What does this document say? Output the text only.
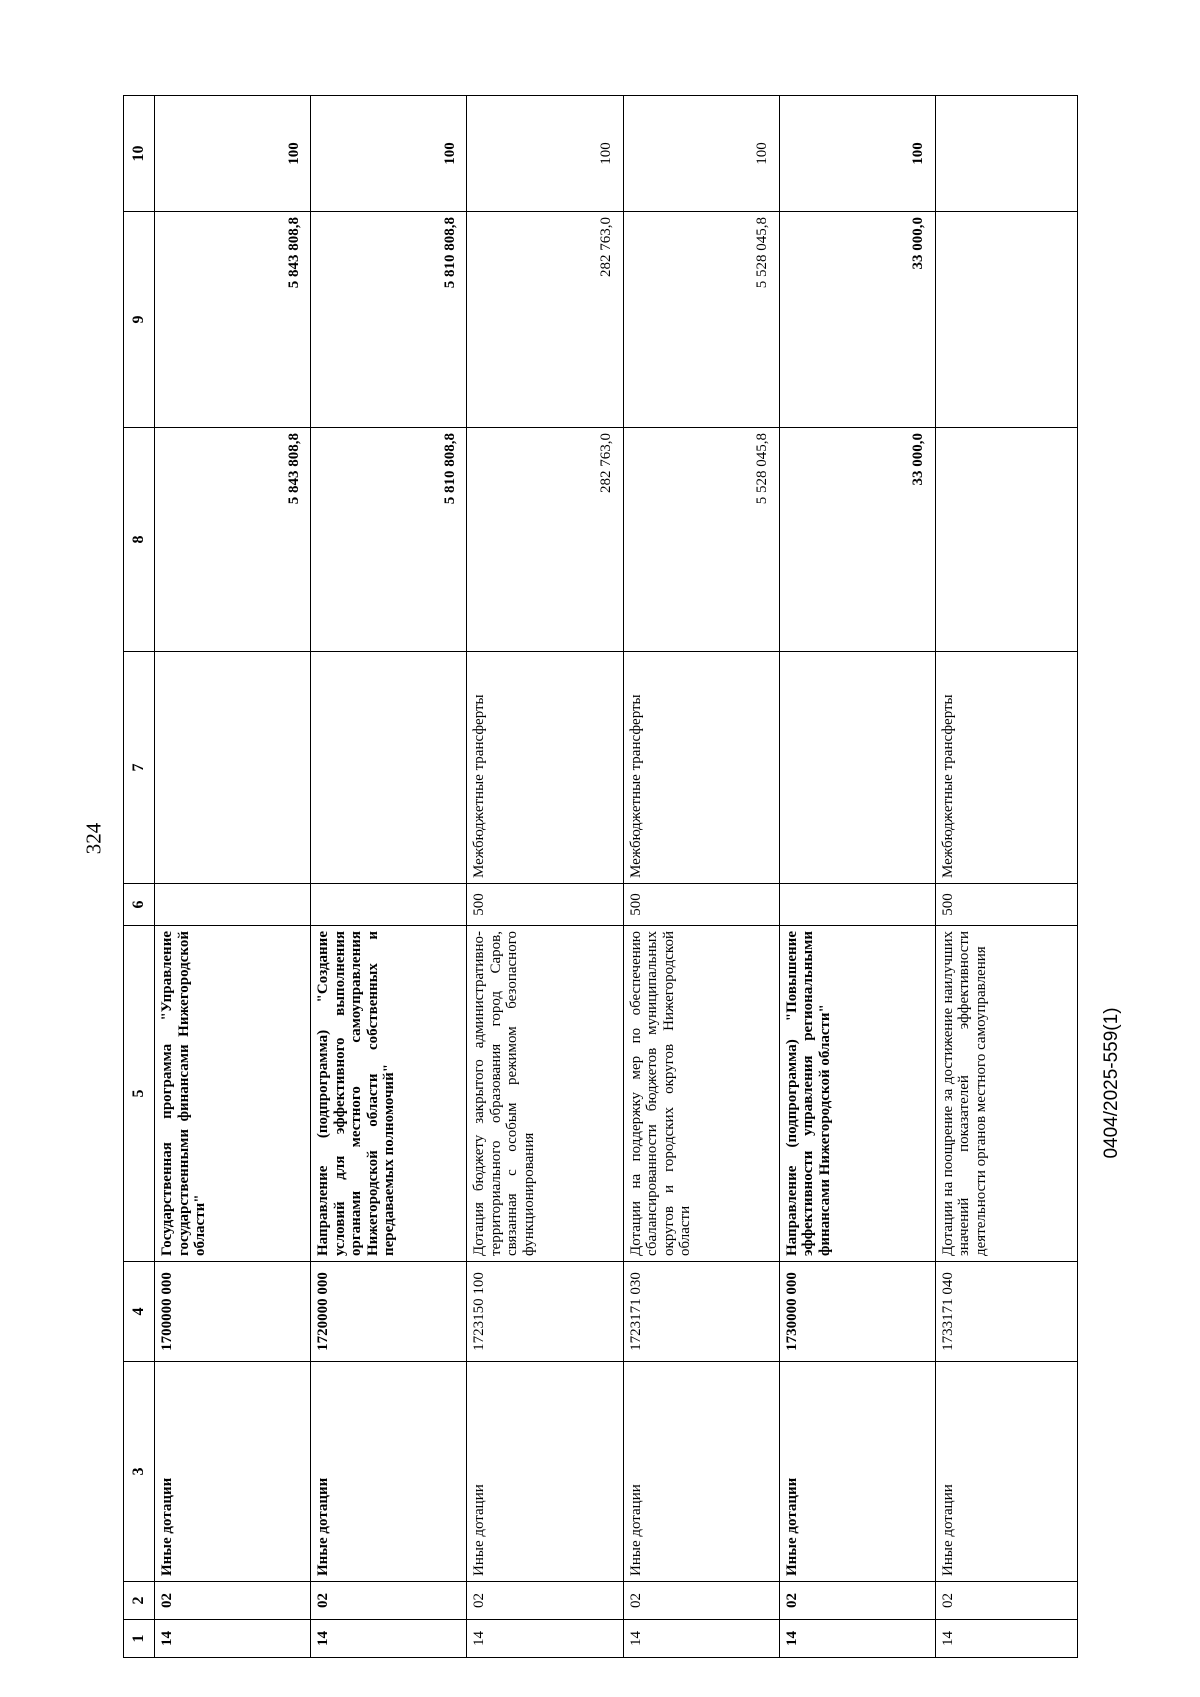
324
0404/2025-559(1)
1	2	3	4	5	6	7	8	9	10
14	02	Иные дотации	1700000 000	Государственная программа "Управление государственными финансами Нижегородской области"			5 843 808,8	5 843 808,8	100
14	02	Иные дотации	1720000 000	Направление (подпрограмма) "Создание условий для эффективного выполнения органами местного самоуправления Нижегородской области собственных и передаваемых полномочий"			5 810 808,8	5 810 808,8	100
14	02	Иные дотации	1723150 100	Дотация бюджету закрытого административно-территориального образования город Саров, связанная с особым режимом безопасного функционирования	500	Межбюджетные трансферты	282 763,0	282 763,0	100
14	02	Иные дотации	1723171 030	Дотации на поддержку мер по обеспечению сбалансированности бюджетов муниципальных округов и городских округов Нижегородской области	500	Межбюджетные трансферты	5 528 045,8	5 528 045,8	100
14	02	Иные дотации	1730000 000	Направление (подпрограмма) "Повышение эффективности управления региональными финансами Нижегородской области"			33 000,0	33 000,0	100
14	02	Иные дотации	1733171 040	Дотации на поощрение за достижение наилучших значений показателей эффективности деятельности органов местного самоуправления	500	Межбюджетные трансферты			
